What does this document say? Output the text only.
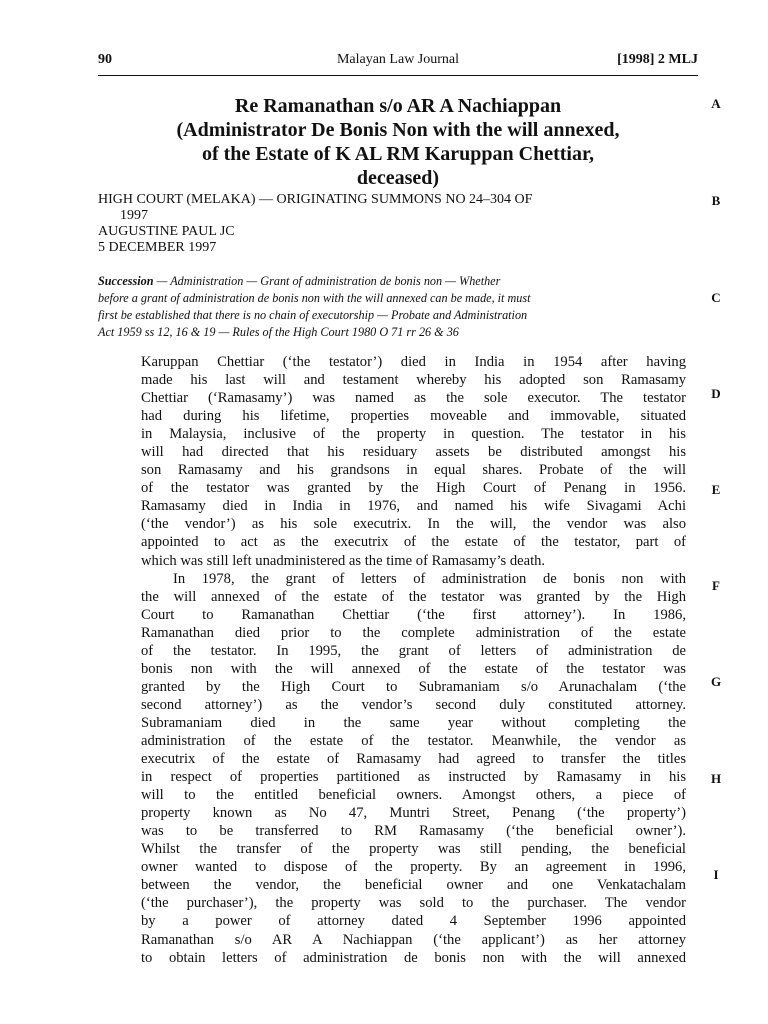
90	Malayan Law Journal	[1998] 2 MLJ
Re Ramanathan s/o AR A Nachiappan
(Administrator De Bonis Non with the will annexed,
of the Estate of K AL RM Karuppan Chettiar,
deceased)
HIGH COURT (MELAKA) — ORIGINATING SUMMONS NO 24–304 OF
1997
AUGUSTINE PAUL JC
5 DECEMBER 1997
Succession — Administration — Grant of administration de bonis non — Whether
before a grant of administration de bonis non with the will annexed can be made, it must
first be established that there is no chain of executorship — Probate and Administration
Act 1959 ss 12, 16 & 19 — Rules of the High Court 1980 O 71 rr 26 & 36
Karuppan Chettiar (‘the testator’) died in India in 1954 after having
made his last will and testament whereby his adopted son Ramasamy
Chettiar (‘Ramasamy’) was named as the sole executor. The testator
had during his lifetime, properties moveable and immovable, situated
in Malaysia, inclusive of the property in question. The testator in his
will had directed that his residuary assets be distributed amongst his
son Ramasamy and his grandsons in equal shares. Probate of the will
of the testator was granted by the High Court of Penang in 1956.
Ramasamy died in India in 1976, and named his wife Sivagami Achi
(‘the vendor’) as his sole executrix. In the will, the vendor was also
appointed to act as the executrix of the estate of the testator, part of
which was still left unadministered as the time of Ramasamy’s death.
In 1978, the grant of letters of administration de bonis non with
the will annexed of the estate of the testator was granted by the High
Court to Ramanathan Chettiar (‘the first attorney’). In 1986,
Ramanathan died prior to the complete administration of the estate
of the testator. In 1995, the grant of letters of administration de
bonis non with the will annexed of the estate of the testator was
granted by the High Court to Subramaniam s/o Arunachalam (‘the
second attorney’) as the vendor’s second duly constituted attorney.
Subramaniam died in the same year without completing the
administration of the estate of the testator. Meanwhile, the vendor as
executrix of the estate of Ramasamy had agreed to transfer the titles
in respect of properties partitioned as instructed by Ramasamy in his
will to the entitled beneficial owners. Amongst others, a piece of
property known as No 47, Muntri Street, Penang (‘the property’)
was to be transferred to RM Ramasamy (‘the beneficial owner’).
Whilst the transfer of the property was still pending, the beneficial
owner wanted to dispose of the property. By an agreement in 1996,
between the vendor, the beneficial owner and one Venkatachalam
(‘the purchaser’), the property was sold to the purchaser. The vendor
by a power of attorney dated 4 September 1996 appointed
Ramanathan s/o AR A Nachiappan (‘the applicant’) as her attorney
to obtain letters of administration de bonis non with the will annexed
A
B
C
D
E
F
G
H
I
